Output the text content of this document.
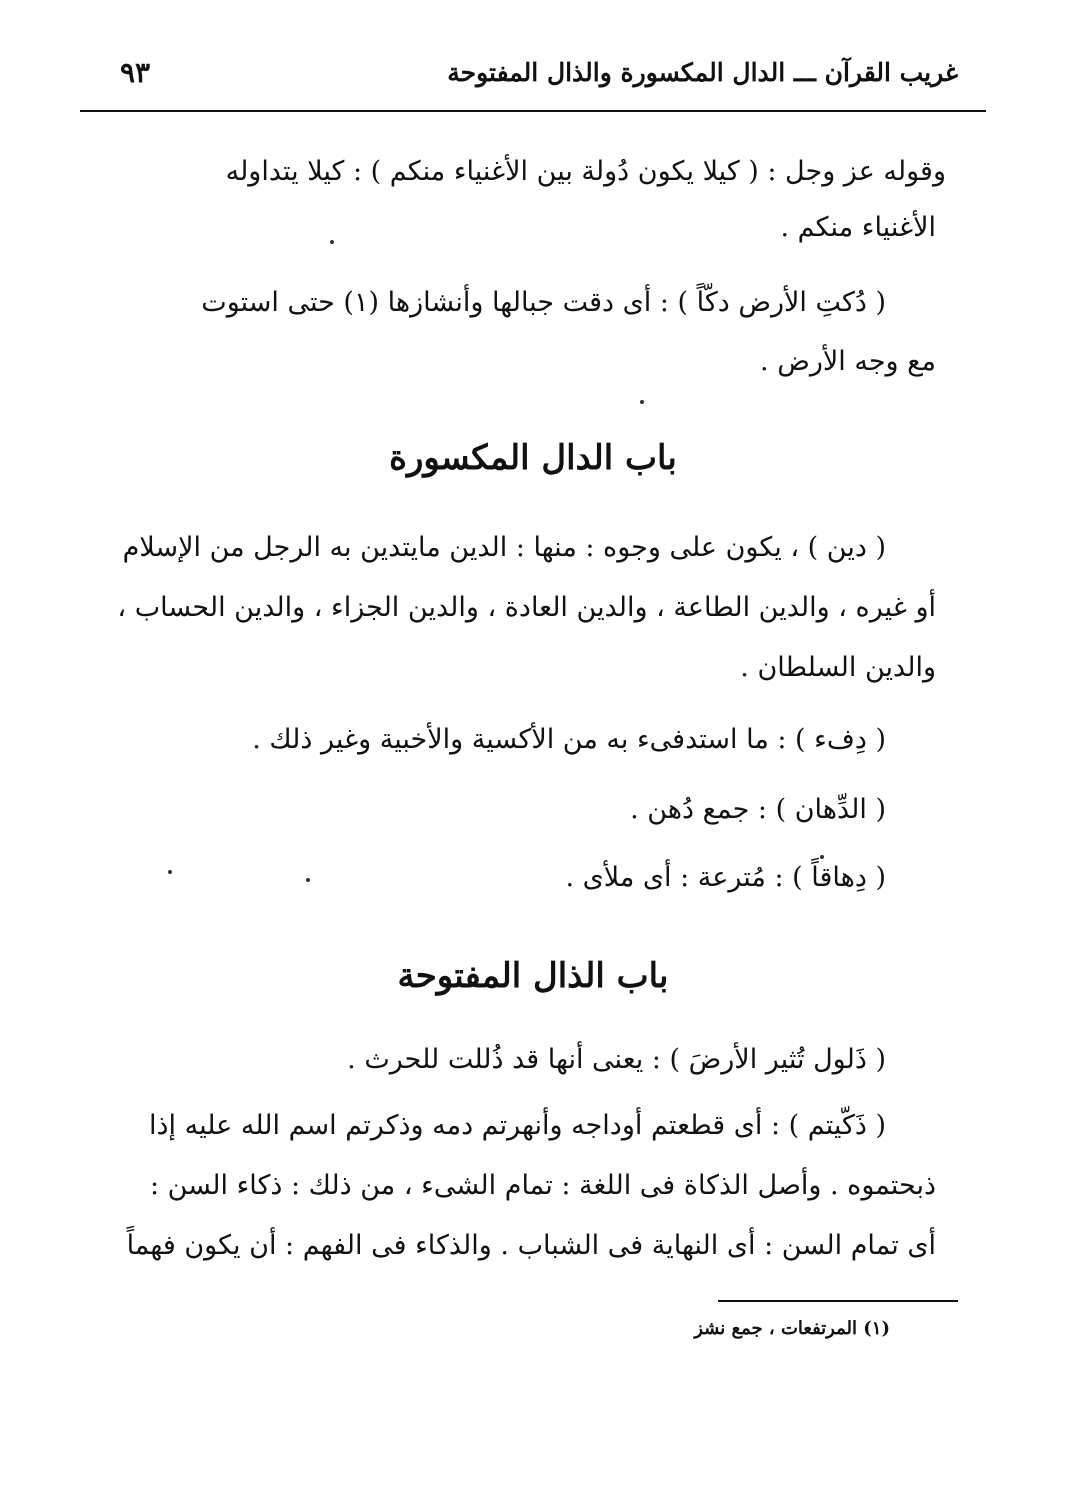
غريب القرآن ـــ الدال المكسورة والذال المفتوحة
٩٣
وقوله عز وجل : ( كيلا يكون دُولة بين الأغنياء منكم ) : كيلا يتداوله
الأغنياء منكم .
( دُكتِ الأرض دكّاً ) : أى دقت جبالها وأنشازها (١) حتى استوت
مع وجه الأرض .
باب الدال المكسورة
( دين ) ، يكون على وجوه : منها : الدين مايتدين به الرجل من الإسلام
أو غيره ، والدين الطاعة ، والدين العادة ، والدين الجزاء ، والدين الحساب ،
والدين السلطان .
( دِفء ) : ما استدفىء به من الأكسية والأخبية وغير ذلك .
( الدِّهان ) : جمع دُهن .
( دِهاقاً ) : مُترعة : أى ملأى .
باب الذال المفتوحة
( ذَلول تُثير الأرضَ ) : يعنى أنها قد ذُللت للحرث .
( ذَكّيتم ) : أى قطعتم أوداجه وأنهرتم دمه وذكرتم اسم الله عليه إذا
ذبحتموه . وأصل الذكاة فى اللغة : تمام الشىء ، من ذلك : ذكاء السن :
أى تمام السن : أى النهاية فى الشباب . والذكاء فى الفهم : أن يكون فهماً
(١) المرتفعات ، جمع نشز
